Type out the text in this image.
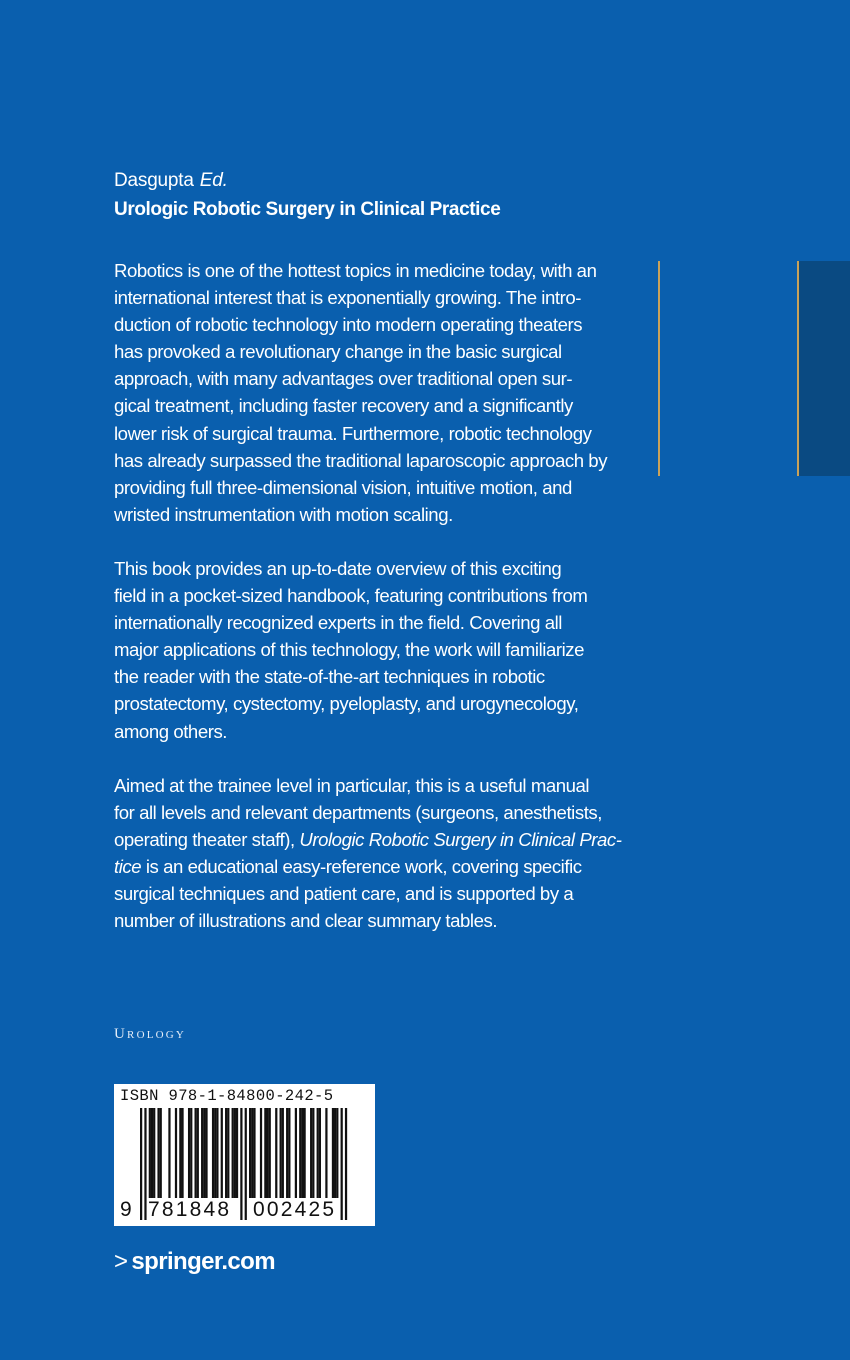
Dasgupta Ed.
Urologic Robotic Surgery in Clinical Practice

Robotics is one of the hottest topics in medicine today, with an
international interest that is exponentially growing. The intro-
duction of robotic technology into modern operating theaters
has provoked a revolutionary change in the basic surgical
approach, with many advantages over traditional open sur-
gical treatment, including faster recovery and a significantly
lower risk of surgical trauma. Furthermore, robotic technology
has already surpassed the traditional laparoscopic approach by
providing full three-dimensional vision, intuitive motion, and
wristed instrumentation with motion scaling.

This book provides an up-to-date overview of this exciting
field in a pocket-sized handbook, featuring contributions from
internationally recognized experts in the field. Covering all
major applications of this technology, the work will familiarize
the reader with the state-of-the-art techniques in robotic
prostatectomy, cystectomy, pyeloplasty, and urogynecology,
among others.

Aimed at the trainee level in particular, this is a useful manual
for all levels and relevant departments (surgeons, anesthetists,
operating theater staff), Urologic Robotic Surgery in Clinical Prac-
tice is an educational easy-reference work, covering specific
surgical techniques and patient care, and is supported by a
number of illustrations and clear summary tables.

Urology
ISBN 978-1-84800-242-5
9 781848 002425
> springer.com
